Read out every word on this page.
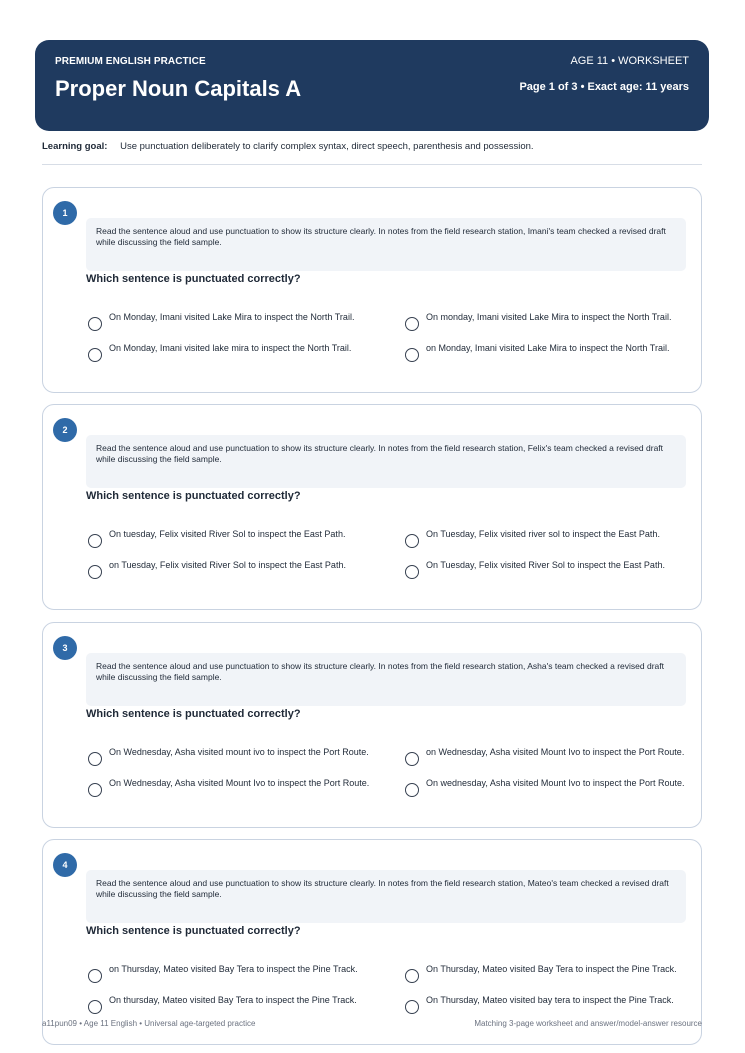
PREMIUM ENGLISH PRACTICE
Proper Noun Capitals A
AGE 11 • WORKSHEET
Page 1 of 3 • Exact age: 11 years
Learning goal: Use punctuation deliberately to clarify complex syntax, direct speech, parenthesis and possession.
1
Read the sentence aloud and use punctuation to show its structure clearly. In notes from the field research station, Imani's team checked a revised draft while discussing the field sample.
Which sentence is punctuated correctly?
On Monday, Imani visited Lake Mira to inspect the North Trail.	On monday, Imani visited Lake Mira to inspect the North Trail.
On Monday, Imani visited lake mira to inspect the North Trail.	on Monday, Imani visited Lake Mira to inspect the North Trail.
2
Read the sentence aloud and use punctuation to show its structure clearly. In notes from the field research station, Felix's team checked a revised draft while discussing the field sample.
Which sentence is punctuated correctly?
On tuesday, Felix visited River Sol to inspect the East Path.	On Tuesday, Felix visited river sol to inspect the East Path.
on Tuesday, Felix visited River Sol to inspect the East Path.	On Tuesday, Felix visited River Sol to inspect the East Path.
3
Read the sentence aloud and use punctuation to show its structure clearly. In notes from the field research station, Asha's team checked a revised draft while discussing the field sample.
Which sentence is punctuated correctly?
On Wednesday, Asha visited mount ivo to inspect the Port Route.	on Wednesday, Asha visited Mount Ivo to inspect the Port Route.
On Wednesday, Asha visited Mount Ivo to inspect the Port Route.	On wednesday, Asha visited Mount Ivo to inspect the Port Route.
4
Read the sentence aloud and use punctuation to show its structure clearly. In notes from the field research station, Mateo's team checked a revised draft while discussing the field sample.
Which sentence is punctuated correctly?
on Thursday, Mateo visited Bay Tera to inspect the Pine Track.	On Thursday, Mateo visited Bay Tera to inspect the Pine Track.
On thursday, Mateo visited Bay Tera to inspect the Pine Track.	On Thursday, Mateo visited bay tera to inspect the Pine Track.
a11pun09 • Age 11 English • Universal age-targeted practice	Matching 3-page worksheet and answer/model-answer resource
